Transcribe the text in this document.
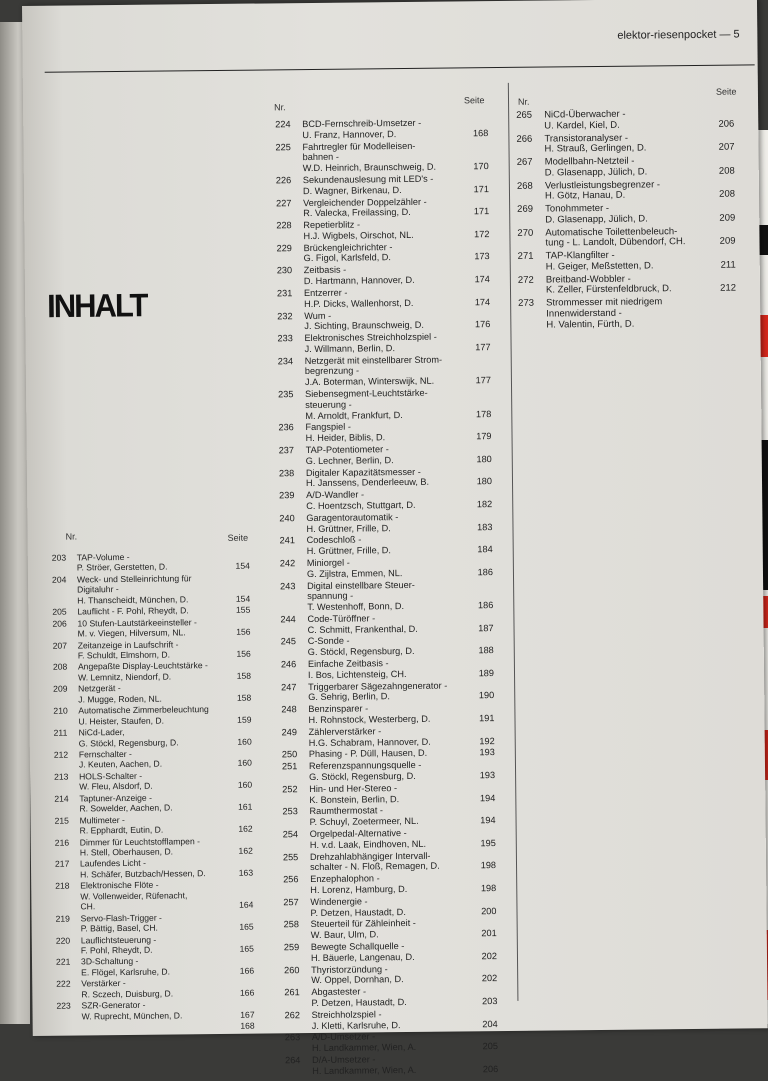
elektor-riesenpocket — 5
INHALT
Nr.	Seite
Nr.
Seite	Nr.
Seite
203 TAP-Volume -
P. Ströer, Gerstetten, D.	154
204 Weck- und Stelleinrichtung für
Digitaluhr -
H. Thanscheidt, München, D.	154
205 Lauflicht - F. Pohl, Rheydt, D.	155
206 10 Stufen-Lautstärkeeinsteller -
M. v. Viegen, Hilversum, NL.	156
207 Zeitanzeige in Laufschrift -
F. Schuldt, Elmshorn, D.	156
208 Angepaßte Display-Leuchtstärke -
W. Lemnitz, Niendorf, D.	158
209 Netzgerät -
J. Mugge, Roden, NL.	158
210 Automatische Zimmerbeleuchtung
U. Heister, Staufen, D.	159
211 NiCd-Lader,
G. Stöckl, Regensburg, D.	160
212 Fernschalter -
J. Keuten, Aachen, D.	160
213 HOLS-Schalter -
W. Fleu, Alsdorf, D.	160
214 Taptuner-Anzeige -
R. Sowelder, Aachen, D.	161
215 Multimeter -
R. Epphardt, Eutin, D.	162
216 Dimmer für Leuchtstofflampen -
H. Stell, Oberhausen, D.	162
217 Laufendes Licht -
H. Schäfer, Butzbach/Hessen, D.	163
218 Elektronische Flöte -
W. Vollenweider, Rüfenacht,
CH.	164
219 Servo-Flash-Trigger -
P. Bättig, Basel, CH.	165
220 Lauflichtsteuerung -
F. Pohl, Rheydt, D.	165
221 3D-Schaltung -
E. Flögel, Karlsruhe, D.	166
222 Verstärker -
R. Sczech, Duisburg, D.	166
223 SZR-Generator -
W. Ruprecht, München, D.	167
168
224 BCD-Fernschreib-Umsetzer -
U. Franz, Hannover, D.	168
225 Fahrtregler für Modelleisen-
bahnen -
W.D. Heinrich, Braunschweig, D.	170
226 Sekundenauslesung mit LED's -
D. Wagner, Birkenau, D.	171
227 Vergleichender Doppelzähler -
R. Valecka, Freilassing, D.	171
228 Repetierblitz -
H.J. Wigbels, Oirschot, NL.	172
229 Brückengleichrichter -
G. Figol, Karlsfeld, D.	173
230 Zeitbasis -
D. Hartmann, Hannover, D.	174
231 Entzerrer -
H.P. Dicks, Wallenhorst, D.	174
232 Wum -
J. Sichting, Braunschweig, D.	176
233 Elektronisches Streichholzspiel -
J. Willmann, Berlin, D.	177
234 Netzgerät mit einstellbarer Strom-
begrenzung -
J.A. Boterman, Winterswijk, NL.	177
235 Siebensegment-Leuchtstärke-
steuerung -
M. Arnoldt, Frankfurt, D.	178
236 Fangspiel -
H. Heider, Biblis, D.	179
237 TAP-Potentiometer -
G. Lechner, Berlin, D.	180
238 Digitaler Kapazitätsmesser -
H. Janssens, Denderleeuw, B.	180
239 A/D-Wandler -
C. Hoentzsch, Stuttgart, D.	182
240 Garagentorautomatik -
H. Grüttner, Frille, D.	183
241 Codeschloß -
H. Grüttner, Frille, D.	184
242 Miniorgel -
G. Zijlstra, Emmen, NL.	186
243 Digital einstellbare Steuer-
spannung -
T. Westenhoff, Bonn, D.	186
244 Code-Türöffner -
C. Schmitt, Frankenthal, D.	187
245 C-Sonde -
G. Stöckl, Regensburg, D.	188
246 Einfache Zeitbasis -
I. Bos, Lichtensteig, CH.	189
247 Triggerbarer Sägezahngenerator -
G. Sehrig, Berlin, D.	190
248 Benzinsparer -
H. Rohnstock, Westerberg, D.	191
249 Zählerverstärker -
H.G. Schabram, Hannover, D.	192
250 Phasing - P. Düll, Hausen, D.	193
251 Referenzspannungsquelle -
G. Stöckl, Regensburg, D.	193
252 Hin- und Her-Stereo -
K. Bonstein, Berlin, D.	194
253 Raumthermostat -
P. Schuyl, Zoetermeer, NL.	194
254 Orgelpedal-Alternative -
H. v.d. Laak, Eindhoven, NL.	195
255 Drehzahlabhängiger Intervall-
schalter - N. Floß, Remagen, D.	198
256 Enzephalophon -
H. Lorenz, Hamburg, D.	198
257 Windenergie -
P. Detzen, Haustadt, D.	200
258 Steuerteil für Zähleinheit -
W. Baur, Ulm, D.	201
259 Bewegte Schallquelle -
H. Bäuerle, Langenau, D.	202
260 Thyristorzündung -
W. Oppel, Dornhan, D.	202
261 Abgastester -
P. Detzen, Haustadt, D.	203
262 Streichholzspiel -
J. Kletti, Karlsruhe, D.	204
263 A/D-Umsetzer -
H. Landkammer, Wien, A.	205
264 D/A-Umsetzer -
H. Landkammer, Wien, A.	206
265 NiCd-Überwacher -
U. Kardel, Kiel, D.	206
266 Transistoranalyser -
H. Strauß, Gerlingen, D.	207
267 Modellbahn-Netzteil -
D. Glasenapp, Jülich, D.	208
268 Verlustleistungsbegrenzer -
H. Götz, Hanau, D.	208
269 Tonohmmeter -
D. Glasenapp, Jülich, D.	209
270 Automatische Toilettenbeleuch-
tung - L. Landolt, Dübendorf, CH.	209
271 TAP-Klangfilter -
H. Geiger, Meßstetten, D.	211
272 Breitband-Wobbler -
K. Zeller, Fürstenfeldbruck, D.	212
273 Strommesser mit niedrigem
Innenwiderstand -
H. Valentin, Fürth, D.
